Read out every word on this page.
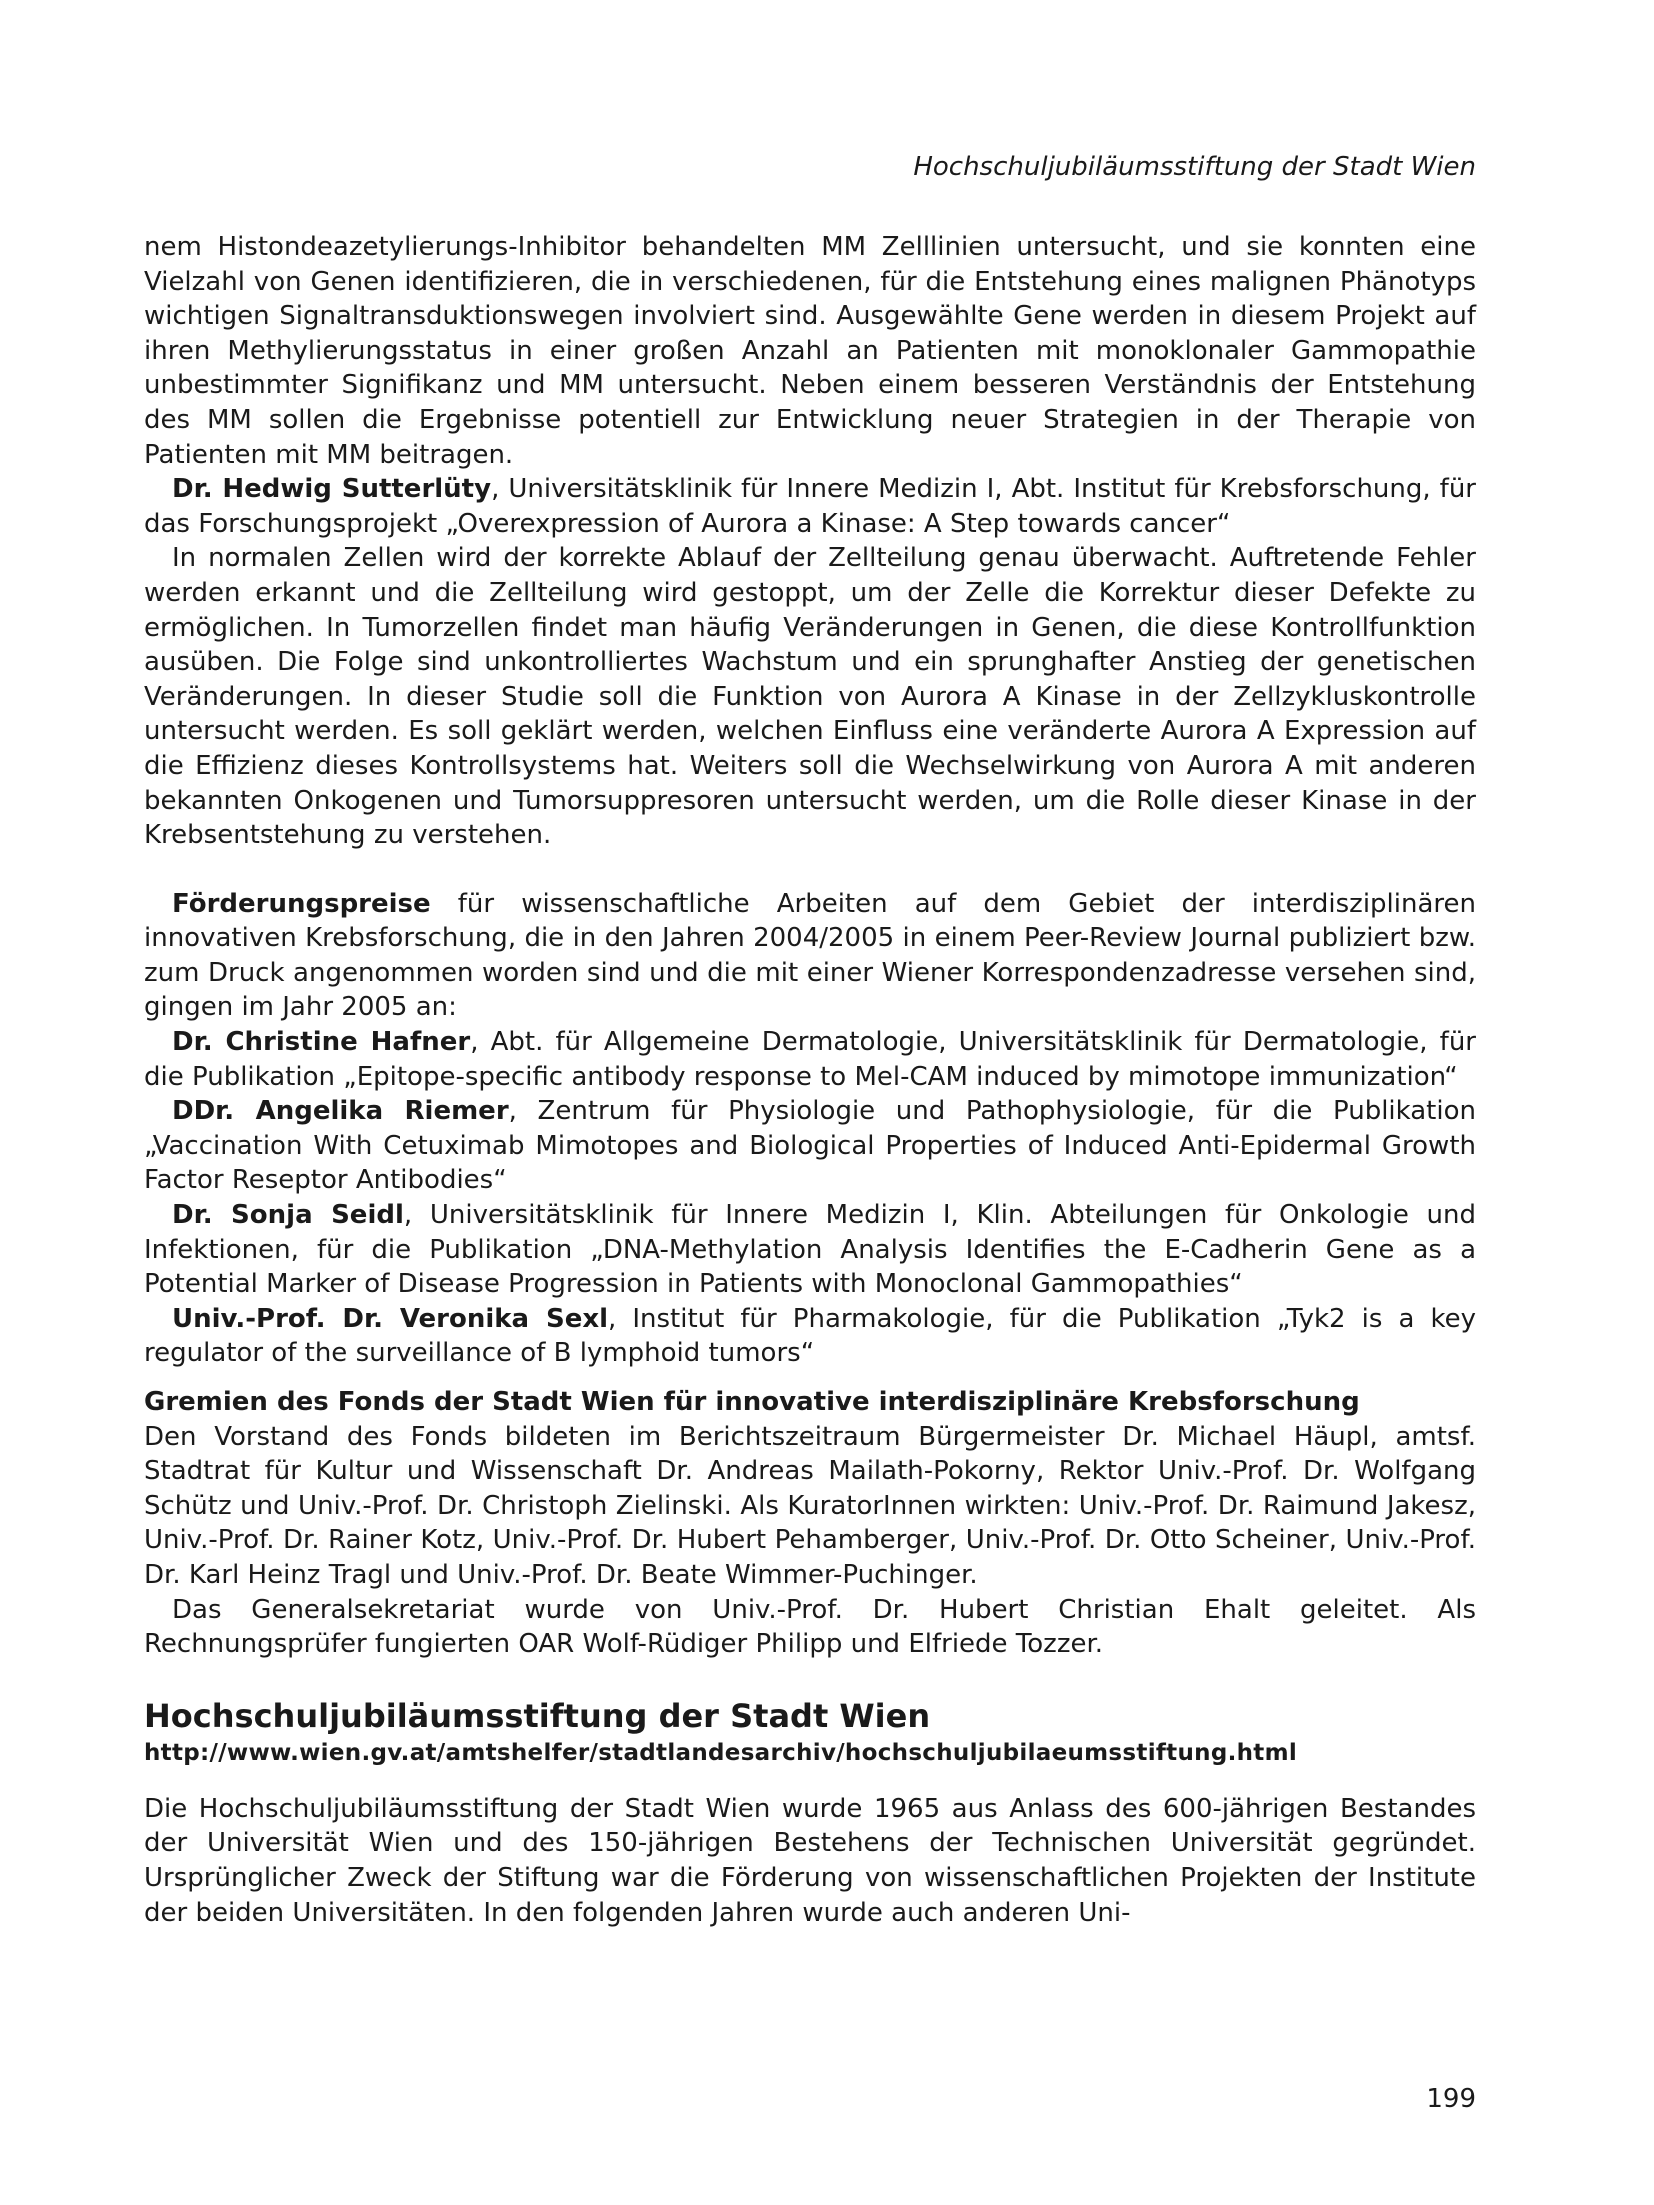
Hochschuljubiläumsstiftung der Stadt Wien

nem Histondeazetylierungs-Inhibitor behandelten MM Zelllinien untersucht, und sie konnten eine Vielzahl von Genen identifizieren, die in verschiedenen, für die Entstehung eines malignen Phänotyps wichtigen Signaltransduktionswegen involviert sind. Ausgewählte Gene werden in diesem Projekt auf ihren Methylierungsstatus in einer großen Anzahl an Patienten mit monoklonaler Gammopathie unbestimmter Signifikanz und MM untersucht. Neben einem besseren Verständnis der Entstehung des MM sollen die Ergebnisse potentiell zur Entwicklung neuer Strategien in der Therapie von Patienten mit MM beitragen.

Dr. Hedwig Sutterlüty, Universitätsklinik für Innere Medizin I, Abt. Institut für Krebsforschung, für das Forschungsprojekt „Overexpression of Aurora a Kinase: A Step towards cancer“

In normalen Zellen wird der korrekte Ablauf der Zellteilung genau überwacht. Auftretende Fehler werden erkannt und die Zellteilung wird gestoppt, um der Zelle die Korrektur dieser Defekte zu ermöglichen. In Tumorzellen findet man häufig Veränderungen in Genen, die diese Kontrollfunktion ausüben. Die Folge sind unkontrolliertes Wachstum und ein sprunghafter Anstieg der genetischen Veränderungen. In dieser Studie soll die Funktion von Aurora A Kinase in der Zellzykluskontrolle untersucht werden. Es soll geklärt werden, welchen Einfluss eine veränderte Aurora A Expression auf die Effizienz dieses Kontrollsystems hat. Weiters soll die Wechselwirkung von Aurora A mit anderen bekannten Onkogenen und Tumorsuppresoren untersucht werden, um die Rolle dieser Kinase in der Krebsentstehung zu verstehen.

Förderungspreise für wissenschaftliche Arbeiten auf dem Gebiet der interdisziplinären innovativen Krebsforschung, die in den Jahren 2004/2005 in einem Peer-Review Journal publiziert bzw. zum Druck angenommen worden sind und die mit einer Wiener Korrespondenzadresse versehen sind, gingen im Jahr 2005 an:

Dr. Christine Hafner, Abt. für Allgemeine Dermatologie, Universitätsklinik für Dermatologie, für die Publikation „Epitope-specific antibody response to Mel-CAM induced by mimotope immunization“

DDr. Angelika Riemer, Zentrum für Physiologie und Pathophysiologie, für die Publikation „Vaccination With Cetuximab Mimotopes and Biological Properties of Induced Anti-Epidermal Growth Factor Reseptor Antibodies“

Dr. Sonja Seidl, Universitätsklinik für Innere Medizin I, Klin. Abteilungen für Onkologie und Infektionen, für die Publikation „DNA-Methylation Analysis Identifies the E-Cadherin Gene as a Potential Marker of Disease Progression in Patients with Monoclonal Gammopathies“

Univ.-Prof. Dr. Veronika Sexl, Institut für Pharmakologie, für die Publikation „Tyk2 is a key regulator of the surveillance of B lymphoid tumors“

Gremien des Fonds der Stadt Wien für innovative interdisziplinäre Krebsforschung

Den Vorstand des Fonds bildeten im Berichtszeitraum Bürgermeister Dr. Michael Häupl, amtsf. Stadtrat für Kultur und Wissenschaft Dr. Andreas Mailath-Pokorny, Rektor Univ.-Prof. Dr. Wolfgang Schütz und Univ.-Prof. Dr. Christoph Zielinski. Als KuratorInnen wirkten: Univ.-Prof. Dr. Raimund Jakesz, Univ.-Prof. Dr. Rainer Kotz, Univ.-Prof. Dr. Hubert Pehamberger, Univ.-Prof. Dr. Otto Scheiner, Univ.-Prof. Dr. Karl Heinz Tragl und Univ.-Prof. Dr. Beate Wimmer-Puchinger.

Das Generalsekretariat wurde von Univ.-Prof. Dr. Hubert Christian Ehalt geleitet. Als Rechnungsprüfer fungierten OAR Wolf-Rüdiger Philipp und Elfriede Tozzer.

Hochschuljubiläumsstiftung der Stadt Wien

http://www.wien.gv.at/amtshelfer/stadtlandesarchiv/hochschuljubilaeumsstiftung.html

Die Hochschuljubiläumsstiftung der Stadt Wien wurde 1965 aus Anlass des 600-jährigen Bestandes der Universität Wien und des 150-jährigen Bestehens der Technischen Universität gegründet. Ursprünglicher Zweck der Stiftung war die Förderung von wissenschaftlichen Projekten der Institute der beiden Universitäten. In den folgenden Jahren wurde auch anderen Uni-

199
